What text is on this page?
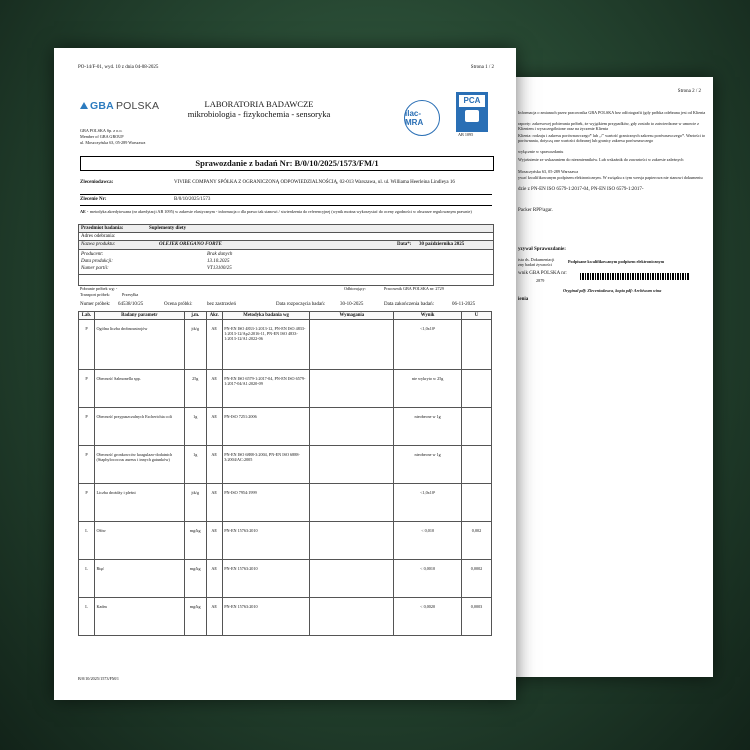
Strona 2 / 2
Informacja o zmianach przez pracownika GBA POLSKA bez odfotografii (gdy próbka odebrana jest od Klienta
raporty: zakresowej pobierania próbek, że wyjątkiem przypadków, gdy zostało to zatwierdzone w umowie z Klientem i wyszczególnione oraz na życzenie Klienta
Klienta: rodzaju i zakresu porównawczego* lub „/” wartość granicznych zakresu porównawczego*. Wartości to porównania, dotyczą one wartości dobranej lub granicy zakresu porównawczego
wyłącznie w sprawozdaniu
Moszczyńska 63, 05-289 Warszawa
ywać kwalifikowanym podpisem elektronicznym. W związku z tym wersja papierowa nie stanowi dokumentu
Wyjaśnienie ze wskazaniem do niezmienników. Lub wskaźnik do zawartości w zakresie zależnych
dzie z PN-EN ISO 6579-1:2017-04, PN-EN ISO 6579-1:2017-
Packer RPP/agar.
yzywał Sprawozdanie:
ista ds. Dokumentacji
zny badań żywności
Podpisane kwalifikowanym podpisem elektronicznym
wnik GBA POLSKA nr:
2879
Oryginał pdf: Zleceniodawca, kopia pdf: Archiwum wina
ienia
PO-14/F-01, wyd. 10 z dnia 04-08-2025	Strona 1 / 2
GBA POLSKA
GBA POLSKA Sp. z o.o.
Member of GBA GROUP
ul. Moszczyńska 63, 05-289 Warszawa
LABORATORIA BADAWCZE
mikrobiologia - fizykochemia - sensoryka	ilac-MRA
PCA
AB 1095
Sprawozdanie z badań Nr: B/0/10/2025/1573/FM/1
Zleceniodawca:	VIVIBE COMPANY SPÓŁKA Z OGRANICZONĄ ODPOWIEDZIALNOŚCIĄ, 02-013 Warszawa, ul. ul. Williama Heerleina Lindleya 16
Zlecenie Nr:	B/0/10/2025/1573
AE - metodyka akredytowana (nr akredytacji AB 1095) w zakresie elastycznym - informacja o dla prawo tak stanowi / stwierdzenia do referencyjnej (wynik można wykorzystać do oceny zgodności w obszarze regulowanym prawnie)
Przedmiot badania:	Suplementy diety
Adres odebrania:
Nazwa produktu:	OLEJEK OREGANO FORTE	Data*: 30 października 2025
Producent:	Brak danych
Data produkcji:	13.10.2025
Numer partii:	VT13100/25
Pobranie próbek wg: -
Transport próbek:	Przesyłka
Odbiorający:	Pracownik GBA POLSKA nr: 2729
Numer próbek: 64538/10/25	Ocena próbki:	bez zastrzeżeń	Data rozpoczęcia badań:	30-10-2025	Data zakończenia badań:	06-11-2025
Lab.	Badany parametr	j.m.	Akr.	Metodyka badania wg	Wymagania	Wynik	U
P	Ogólna liczba drobnoustrojów	jtk/g	AE	PN-EN ISO 4833-1:2013-12, PN-EN ISO 4833-1:2013-12/Ap2:2016-11, PN-EN ISO 4833-1:2013-12/A1:2022-06		<1,0x10¹	
P	Obecność Salmonella spp.	25g	AE	PN-EN ISO 6579-1:2017-04, PN-EN ISO 6579-1:2017-04/A1:2020-09		nie wykryto w 25g	
P	Obecność przypuszczalnych Escherichia coli	1g	AE	PN-ISO 7251:2006		nieobecne w 1g	
P	Obecność gronkowców koagulazo-dodatnich (Staphylococcus aureus i innych gatunków)	1g	AE	PN-EN ISO 6888-3:2004, PN-EN ISO 6888-3:2004/AC:2005		nieobecne w 1g	
P	Liczba drożdży i pleśni	jtk/g	AE	PN-ISO 7954:1999		<1,0x10¹	
L	Ołów	mg/kg	AE	PN-EN 15763:2010		< 0,010	0,002
L	Rtęć	mg/kg	AE	PN-EN 15763:2010		< 0,0010	0,0002
L	Kadm	mg/kg	AE	PN-EN 15763:2010		< 0,0020	0,0003
B/0/10/2025/1573/FM/1
